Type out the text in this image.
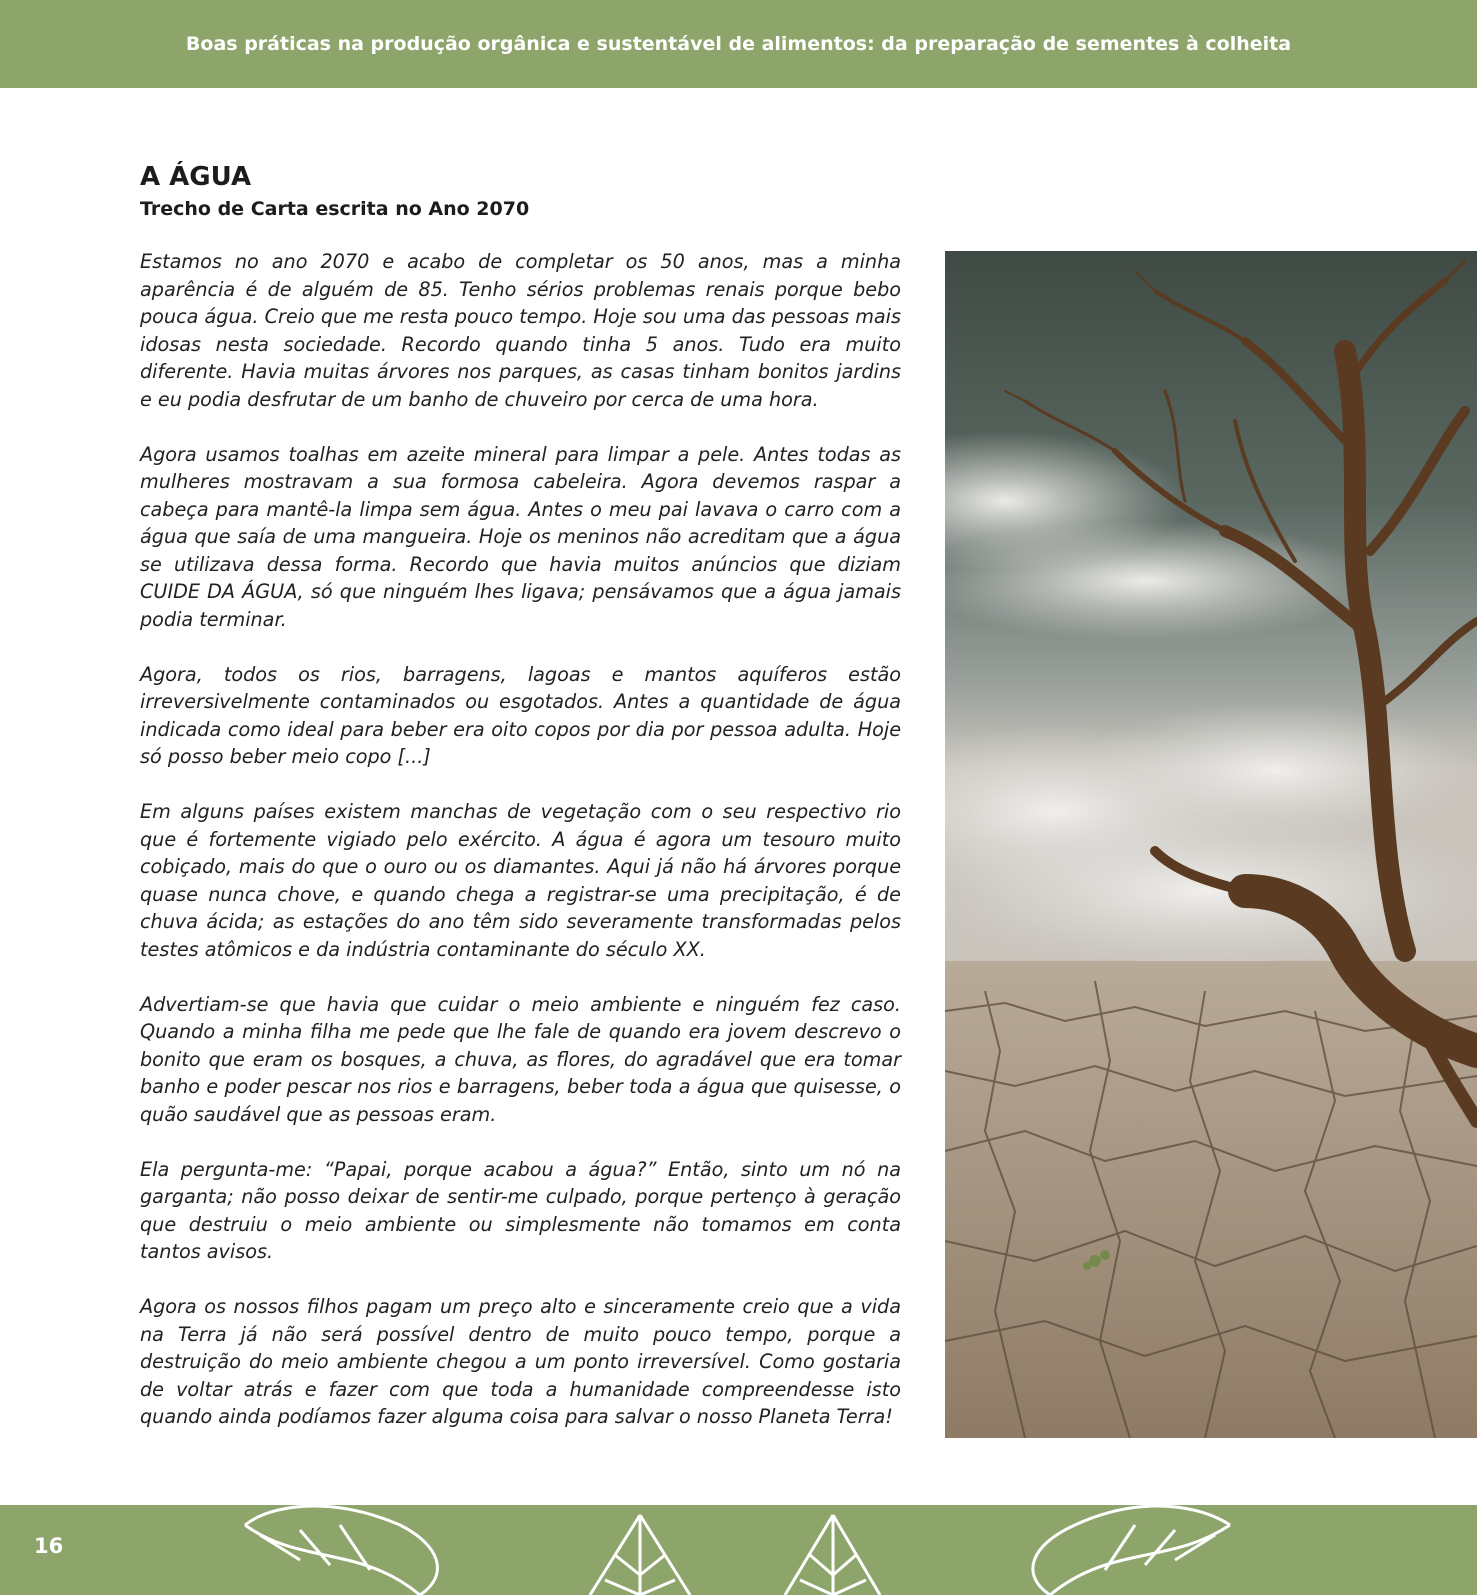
Boas práticas na produção orgânica e sustentável de alimentos: da preparação de sementes à colheita
A ÁGUA
Trecho de Carta escrita no Ano 2070

Estamos no ano 2070 e acabo de completar os 50 anos, mas a minha aparência é de alguém de 85. Tenho sérios problemas renais porque bebo pouca água. Creio que me resta pouco tempo. Hoje sou uma das pessoas mais idosas nesta sociedade. Recordo quando tinha 5 anos. Tudo era muito diferente. Havia muitas árvores nos parques, as casas tinham bonitos jardins e eu podia desfrutar de um banho de chuveiro por cerca de uma hora.

Agora usamos toalhas em azeite mineral para limpar a pele. Antes todas as mulheres mostravam a sua formosa cabeleira. Agora devemos raspar a cabeça para mantê-la limpa sem água. Antes o meu pai lavava o carro com a água que saía de uma mangueira. Hoje os meninos não acreditam que a água se utilizava dessa forma. Recordo que havia muitos anúncios que diziam CUIDE DA ÁGUA, só que ninguém lhes ligava; pensávamos que a água jamais podia terminar.

Agora, todos os rios, barragens, lagoas e mantos aquíferos estão irreversivelmente contaminados ou esgotados. Antes a quantidade de água indicada como ideal para beber era oito copos por dia por pessoa adulta. Hoje só posso beber meio copo [...]

Em alguns países existem manchas de vegetação com o seu respectivo rio que é fortemente vigiado pelo exército. A água é agora um tesouro muito cobiçado, mais do que o ouro ou os diamantes. Aqui já não há árvores porque quase nunca chove, e quando chega a registrar-se uma precipitação, é de chuva ácida; as estações do ano têm sido severamente transformadas pelos testes atômicos e da indústria contaminante do século XX.

Advertiam-se que havia que cuidar o meio ambiente e ninguém fez caso. Quando a minha filha me pede que lhe fale de quando era jovem descrevo o bonito que eram os bosques, a chuva, as flores, do agradável que era tomar banho e poder pescar nos rios e barragens, beber toda a água que quisesse, o quão saudável que as pessoas eram.

Ela pergunta-me: “Papai, porque acabou a água?” Então, sinto um nó na garganta; não posso deixar de sentir-me culpado, porque pertenço à geração que destruiu o meio ambiente ou simplesmente não tomamos em conta tantos avisos.

Agora os nossos filhos pagam um preço alto e sinceramente creio que a vida na Terra já não será possível dentro de muito pouco tempo, porque a destruição do meio ambiente chegou a um ponto irreversível. Como gostaria de voltar atrás e fazer com que toda a humanidade compreendesse isto quando ainda podíamos fazer alguma coisa para salvar o nosso Planeta Terra!

16
